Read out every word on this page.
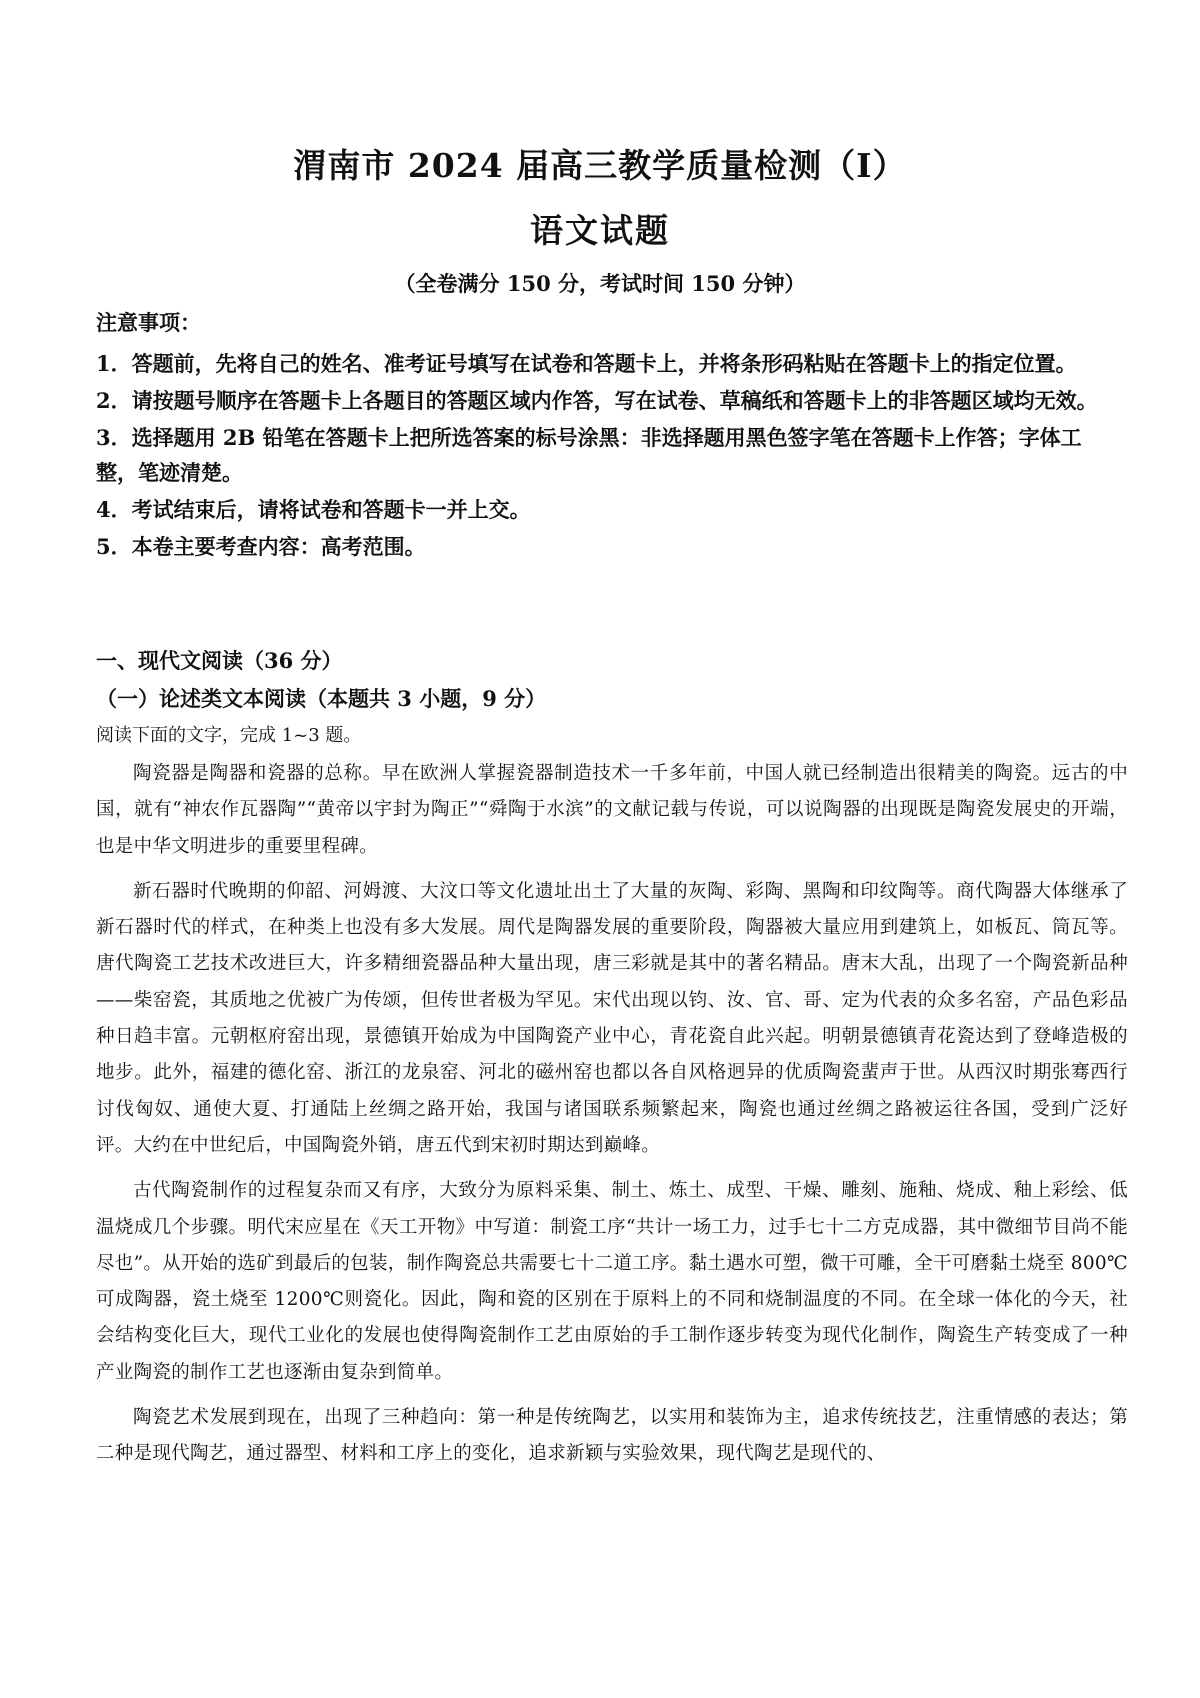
渭南市 2024 届高三教学质量检测（Ⅰ）
语文试题
（全卷满分 150 分，考试时间 150 分钟）
注意事项：

1．答题前，先将自己的姓名、准考证号填写在试卷和答题卡上，并将条形码粘贴在答题卡上的指定位置。

2．请按题号顺序在答题卡上各题目的答题区域内作答，写在试卷、草稿纸和答题卡上的非答题区域均无效。

3．选择题用 2B 铅笔在答题卡上把所选答案的标号涂黑：非选择题用黑色签字笔在答题卡上作答；字体工整，笔迹清楚。

4．考试结束后，请将试卷和答题卡一并上交。

5．本卷主要考查内容：高考范围。

一、现代文阅读（36 分）
（一）论述类文本阅读（本题共 3 小题，9 分）
阅读下面的文字，完成 1~3 题。

陶瓷器是陶器和瓷器的总称。早在欧洲人掌握瓷器制造技术一千多年前，中国人就已经制造出很精美的陶瓷。远古的中国，就有“神农作瓦器陶”“黄帝以宇封为陶正”“舜陶于水滨”的文献记载与传说，可以说陶器的出现既是陶瓷发展史的开端，也是中华文明进步的重要里程碑。

新石器时代晚期的仰韶、河姆渡、大汶口等文化遗址出土了大量的灰陶、彩陶、黑陶和印纹陶等。商代陶器大体继承了新石器时代的样式，在种类上也没有多大发展。周代是陶器发展的重要阶段，陶器被大量应用到建筑上，如板瓦、筒瓦等。唐代陶瓷工艺技术改进巨大，许多精细瓷器品种大量出现，唐三彩就是其中的著名精品。唐末大乱，出现了一个陶瓷新品种——柴窑瓷，其质地之优被广为传颂，但传世者极为罕见。宋代出现以钧、汝、官、哥、定为代表的众多名窑，产品色彩品种日趋丰富。元朝枢府窑出现，景德镇开始成为中国陶瓷产业中心，青花瓷自此兴起。明朝景德镇青花瓷达到了登峰造极的地步。此外，福建的德化窑、浙江的龙泉窑、河北的磁州窑也都以各自风格迥异的优质陶瓷蜚声于世。从西汉时期张骞西行讨伐匈奴、通使大夏、打通陆上丝绸之路开始，我国与诸国联系频繁起来，陶瓷也通过丝绸之路被运往各国，受到广泛好评。大约在中世纪后，中国陶瓷外销，唐五代到宋初时期达到巅峰。

古代陶瓷制作的过程复杂而又有序，大致分为原料采集、制土、炼土、成型、干燥、雕刻、施釉、烧成、釉上彩绘、低温烧成几个步骤。明代宋应星在《天工开物》中写道：制瓷工序“共计一场工力，过手七十二方克成器，其中微细节目尚不能尽也”。从开始的选矿到最后的包装，制作陶瓷总共需要七十二道工序。黏土遇水可塑，微干可雕，全干可磨黏土烧至 800℃可成陶器，瓷土烧至 1200℃则瓷化。因此，陶和瓷的区别在于原料上的不同和烧制温度的不同。在全球一体化的今天，社会结构变化巨大，现代工业化的发展也使得陶瓷制作工艺由原始的手工制作逐步转变为现代化制作，陶瓷生产转变成了一种产业陶瓷的制作工艺也逐渐由复杂到简单。

陶瓷艺术发展到现在，出现了三种趋向：第一种是传统陶艺，以实用和装饰为主，追求传统技艺，注重情感的表达；第二种是现代陶艺，通过器型、材料和工序上的变化，追求新颖与实验效果，现代陶艺是现代的、
